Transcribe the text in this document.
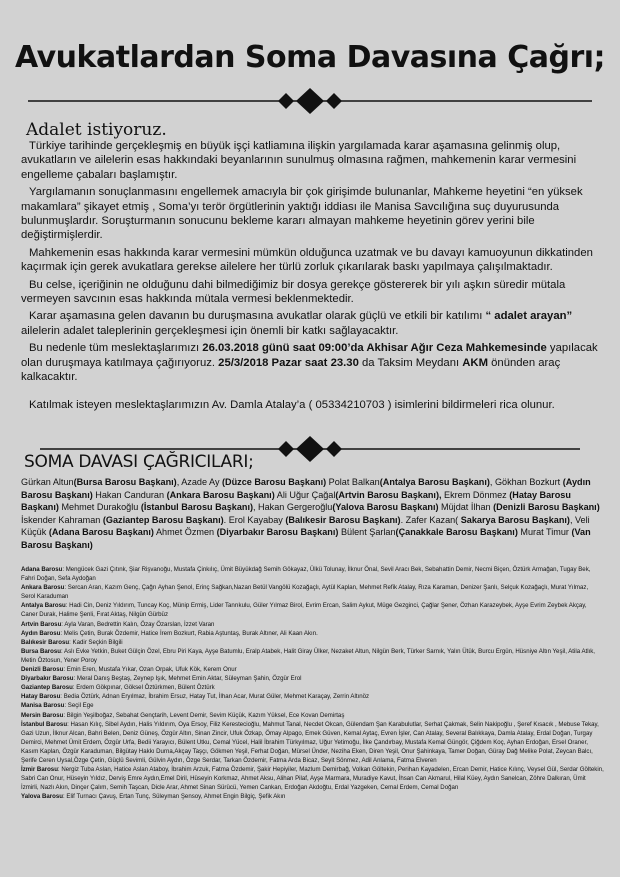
Avukatlardan Soma Davasına Çağrı;
Adalet istiyoruz.

Türkiye tarihinde gerçekleşmiş en büyük işçi katliamına ilişkin yargılamada karar aşamasına gelinmiş olup, avukatların ve ailelerin esas hakkındaki beyanlarının sunulmuş olmasına rağmen, mahkemenin karar vermesini engelleme çabaları başlamıştır.

Yargılamanın sonuçlanmasını engellemek amacıyla bir çok girişimde bulunanlar, Mahkeme heyetini “en yüksek makamlara” şikayet etmiş , Soma’yı terör örgütlerinin yaktığı iddiası ile Manisa Savcılığına suç duyurusunda bulunmuşlardır. Soruşturmanın sonucunu bekleme kararı almayan mahkeme heyetinin görev yerini bile değiştirmişlerdir.

Mahkemenin esas hakkında karar vermesini mümkün olduğunca uzatmak ve bu davayı kamuoyunun dikkatinden kaçırmak için gerek avukatlara gerekse ailelere her türlü zorluk çıkarılarak baskı yapılmaya çalışılmaktadır.

Bu celse, içeriğinin ne olduğunu dahi bilmediğimiz bir dosya gerekçe göstererek bir yılı aşkın süredir mütala vermeyen savcının esas hakkında mütala vermesi beklenmektedir.

Karar aşamasına gelen davanın bu duruşmasına avukatlar olarak güçlü ve etkili bir katılımı “ adalet arayan” ailelerin adalet taleplerinin gerçekleşmesi için önemli bir katkı sağlayacaktır.

Bu nedenle tüm meslektaşlarımızı 26.03.2018 günü saat 09:00’da Akhisar Ağır Ceza Mahkemesinde yapılacak olan duruşmaya katılmaya çağırıyoruz. 25/3/2018 Pazar saat 23.30 da Taksim Meydanı AKM önünden araç kalkacaktır.

Katılmak isteyen meslektaşlarımızın Av. Damla Atalay’a ( 05334210703 ) isimlerini bildirmeleri rica olunur.

SOMA DAVASI ÇAĞRICILARI;
Gürkan Altun(Bursa Barosu Başkanı), Azade Ay (Düzce Barosu Başkanı) Polat Balkan(Antalya Barosu Başkanı), Gökhan Bozkurt (Aydın Barosu Başkanı) Hakan Canduran (Ankara Barosu Başkanı) Ali Uğur Çağal(Artvin Barosu Başkanı), Ekrem Dönmez (Hatay Barosu Başkanı) Mehmet Durakoğlu (İstanbul Barosu Başkanı), Hakan Gergeroğlu(Yalova Barosu Başkanı) Müjdat İlhan (Denizli Barosu Başkanı) İskender Kahraman (Gaziantep Barosu Başkanı). Erol Kayabay (Balıkesir Barosu Başkanı). Zafer Kazan( Sakarya Barosu Başkanı), Veli Küçük (Adana Barosu Başkanı) Ahmet Özmen (Diyarbakır Barosu Başkanı) Bülent Şarlan(Çanakkale Barosu Başkanı) Murat Timur (Van Barosu Başkanı)
Adana Barosu: Mengücek Gazi Çıtınk, Şiar Rişvanoğu, Mustafa Çinkılıç, Ümit Büyükdağ Semih Gökayaz, Ülkü Tolunay, İlknur Önal, Sevil Aracı Bek, Sebahattin Demir, Necmi Biçen, Öztürk Armağan, Tugay Bek, Fahri Doğan, Sefa Aydoğan
Ankara Barosu: Sercan Aran, Kazım Genç, Çağrı Ayhan Şenol, Erinç Sağkan,Nazan Betül Vangölü Kozağaçlı, Aytül Kaplan, Mehmet Refik Atalay, Rıza Karaman, Denizer Şanlı, Selçuk Kozağaçlı, Murat Yılmaz, Serol Karaduman
Antalya Barosu: Hadi Cin, Deniz Yıldırım, Tuncay Koç, Münip Ermiş, Lider Tanrıkulu, Güler Yılmaz Birol, Evrim Ercan, Salim Aykut, Müge Gezginci, Çağlar Şener, Özhan Karazeybek, Ayşe Evrim Zeybek Akçay, Caner Durak, Halime Şenli, Fırat Aktaş, Nilgün Gürbüz
Artvin Barosu: Ayla Varan, Bedrettin Kalın, Özay Özarslan, İzzet Varan
Aydın Barosu: Melis Çetin, Burak Özdemir, Hatice İrem Bozkurt, Rabia Aştuntaş, Burak Altıner, Ali Kaan Akın.
Balıkesir Barosu: Kadir Seçkin Bilgili
Bursa Barosu: Aslı Evke Yetkin, Buket Gülçin Özel, Ebru Piri Kaya, Ayşe Batumlu, Eralp Atabek, Halit Giray Ülker, Nezaket Altun, Nilgün Berk, Türker Sarnık, Yalın Ütük, Burcu Ergün, Hüsniye Altın Yeşil, Atila Atlık, Metin Öztosun, Yener Poroy
Denizli Barosu: Emin Eren, Mustafa Yıkar, Ozan Orpak, Ufuk Kök, Kerem Onur
Diyarbakır Barosu: Meral Danış Beştaş, Zeynep Işık, Mehmet Emin Aktar, Süleyman Şahin, Özgür Erol
Gaziantep Barosu: Erdem Gökpınar, Göksel Öztürkmen, Bülent Öztürk
Hatay Barosu: Bedia Öztürk, Adnan Eryılmaz, İbrahim Ersuz, Hatay Tut, İlhan Acar, Murat Güler, Mehmet Karaçay, Zerrin Altınöz
Manisa Barosu: Seçil Ege
Mersin Barosu: Bilgin Yeşilboğaz, Sebahat Gençtarih, Levent Demir, Sevim Küçük, Kazım Yüksel, Ece Kovan Demirtaş
İstanbul Barosu: Hasan Kılıç, Sibel Aydın, Halis Yıldırım, Oya Ersoy, Filiz Kerestecioğlu, Mahmut Tanal, Necdet Okcan, Gülendam Şan Karabulutlar, Serhat Çakmak, Selin Nakipoğlu , Şeref Kısacık , Mebuse Tekay, Gazi Uzun, İlknur Alcan, Bahri Belen, Deniz Güneş, Özgür Altın, Sinan Zincir, Ufuk Özkap, Ömay Alpago, Emek Güven, Kemal Aytaç, Evren İşler, Can Atalay, Several Balıkkaya, Damla Atalay, Erdal Doğan, Turgay Demirci, Mehmet Ümit Erdem, Özgür Urfa, Bedii Yarayıcı, Bülent Utku, Cemal Yücel, Halil İbrahim Türkyılmaz, Uğur Yetimoğu, İlke Çandırbay, Mustafa Kemal Güngör, Çiğdem Koç, Ayhan Erdoğan, Ersel Oraner, Kasım Kaplan, Özgür Karaduman, Bilgütay Hakkı Durna,Akçay Taşçı, Gökmen Yeşil, Ferhat Doğan, Mürsel Ünder, Neziha Eken, Diren Yeşil, Onur Şahinkaya, Tamer Doğan, Güray Dağ Melike Polat, Zeycan Balcı, Şerife Ceren Uysal,Özge Çetin, Güçlü Sevimli, Gülvin Aydın, Özge Serdar, Tarkan Özdemir, Fatma Arda Bicaz, Seyit Sönmez, Adil Anlama, Fatma Elveren
İzmir Barosu: Nergiz Tuba Aslan, Hatice Aslan Ataboy, İbrahim Arzuk, Fatma Özdemir, Şakir Hepiyiler, Mazlum Demirbağ, Volkan Göltekin, Perihan Kayadelen, Ercan Demir, Hatice Kılınç, Veysel Gül, Serdar Göltekin, Sabri Can Onur, Hüseyin Yıldız, Derviş Emre Aydın,Emel Diril, Hüseyin Korkmaz, Ahmet Aksu, Alihan Pilaf, Ayşe Marmara, Muradiye Kavut, İhsan Can Akmarul, Hilal Küey, Aydın Sanelcan, Zöhre Dalkıran, Ümit İzmirli, Nazlı Akın, Dinçer Çalım, Semih Taşcan, Dicle Arar, Ahmet Sinan Sürücü, Yemen Cankan, Erdoğan Akdoğtu, Erdal Yazgeken, Cemal Erdem, Cemal Doğan
Yalova Barosu: Elif Turnacı Çavuş, Ertan Tunç, Süleyman Şensoy, Ahmet Engin Bilgiç, Şefik Akın
